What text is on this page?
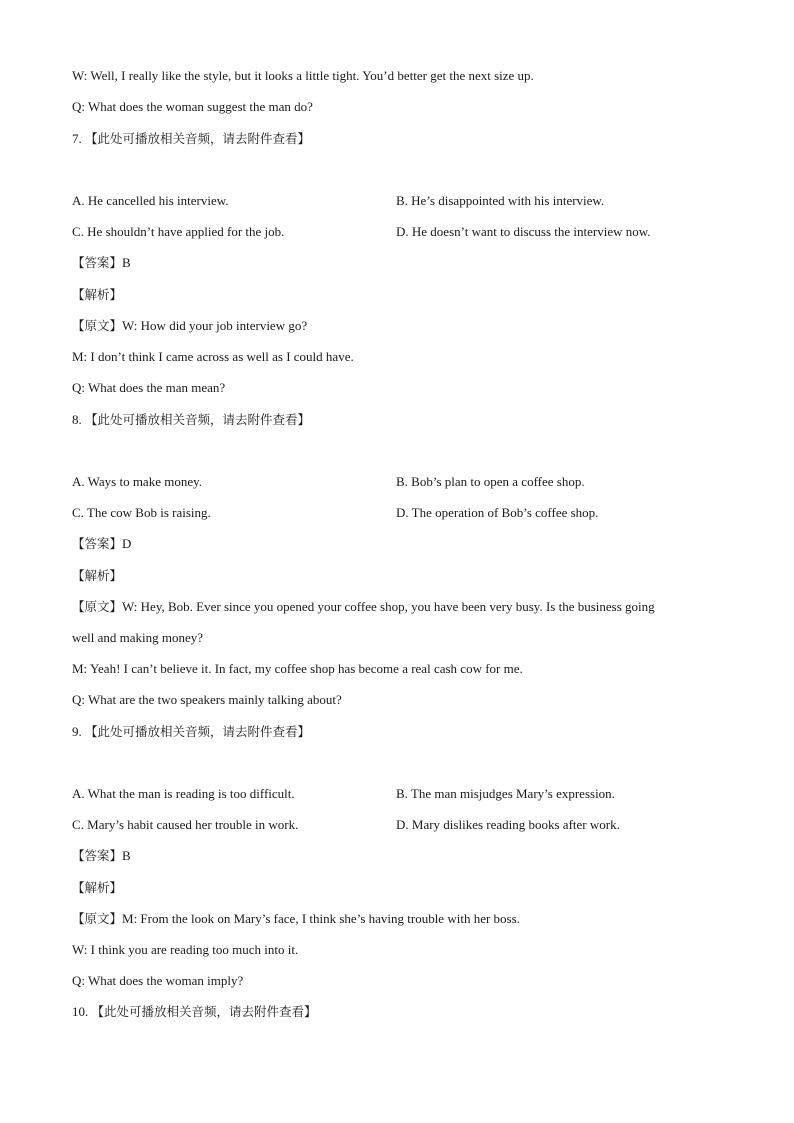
W: Well, I really like the style, but it looks a little tight. You’d better get the next size up.
Q: What does the woman suggest the man do?
7. 【此处可播放相关音频，请去附件查看】
A. He cancelled his interview.	B. He’s disappointed with his interview.
C. He shouldn’t have applied for the job.	D. He doesn’t want to discuss the interview now.
【答案】B
【解析】
【原文】W: How did your job interview go?
M: I don’t think I came across as well as I could have.
Q: What does the man mean?
8. 【此处可播放相关音频，请去附件查看】
A. Ways to make money.	B. Bob’s plan to open a coffee shop.
C. The cow Bob is raising.	D. The operation of Bob’s coffee shop.
【答案】D
【解析】
【原文】W: Hey, Bob. Ever since you opened your coffee shop, you have been very busy. Is the business going
well and making money?
M: Yeah! I can’t believe it. In fact, my coffee shop has become a real cash cow for me.
Q: What are the two speakers mainly talking about?
9. 【此处可播放相关音频，请去附件查看】
A. What the man is reading is too difficult.	B. The man misjudges Mary’s expression.
C. Mary’s habit caused her trouble in work.	D. Mary dislikes reading books after work.
【答案】B
【解析】
【原文】M: From the look on Mary’s face, I think she’s having trouble with her boss.
W: I think you are reading too much into it.
Q: What does the woman imply?
10. 【此处可播放相关音频，请去附件查看】
